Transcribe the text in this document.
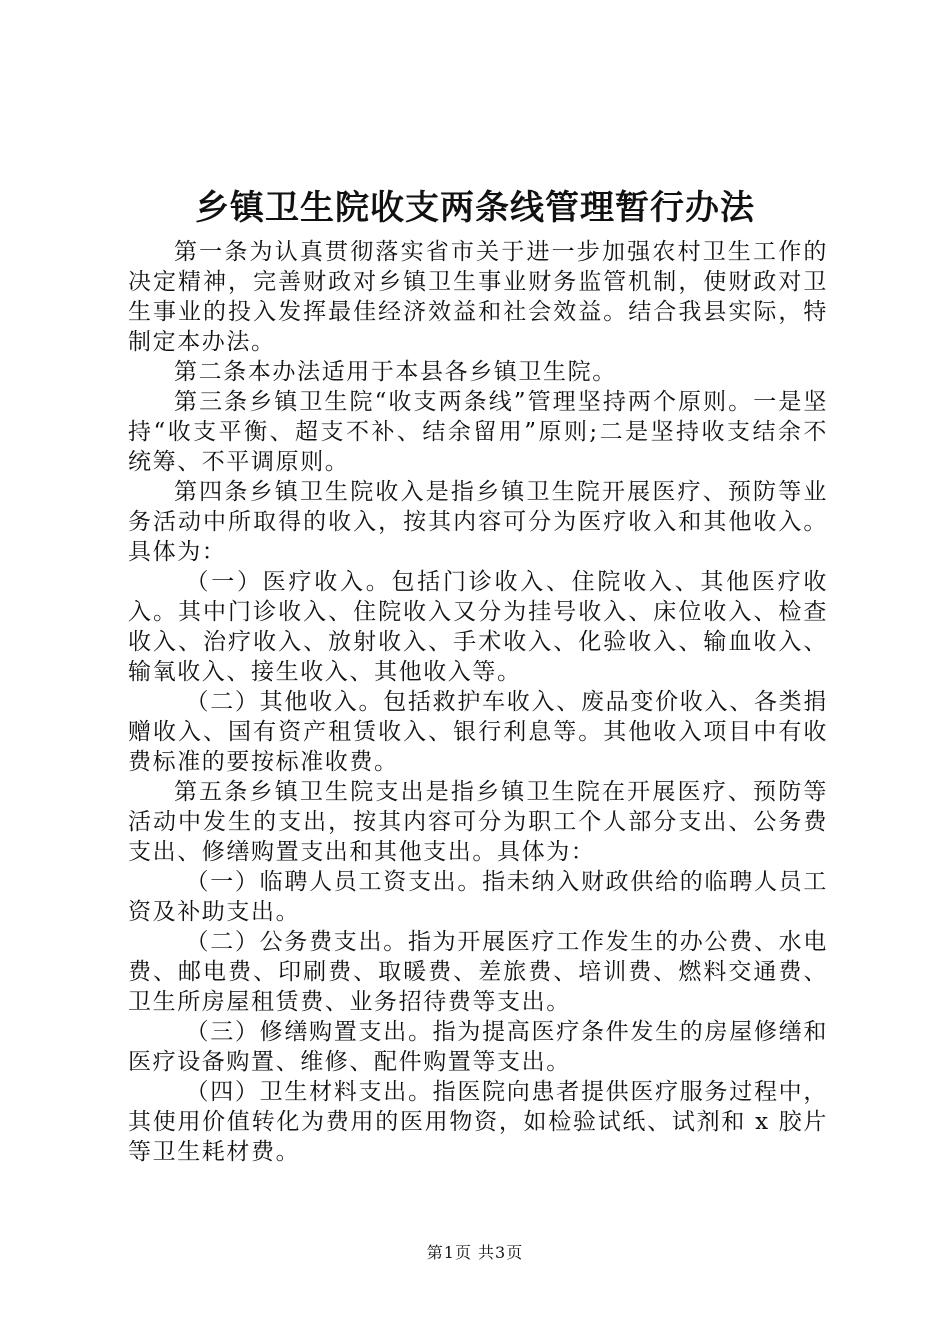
乡镇卫生院收支两条线管理暂行办法

第一条为认真贯彻落实省市关于进一步加强农村卫生工作的决定精神，完善财政对乡镇卫生事业财务监管机制，使财政对卫生事业的投入发挥最佳经济效益和社会效益。结合我县实际，特制定本办法。

第二条本办法适用于本县各乡镇卫生院。

第三条乡镇卫生院“收支两条线”管理坚持两个原则。一是坚持“收支平衡、超支不补、结余留用”原则;二是坚持收支结余不统筹、不平调原则。

第四条乡镇卫生院收入是指乡镇卫生院开展医疗、预防等业务活动中所取得的收入，按其内容可分为医疗收入和其他收入。具体为：

（一）医疗收入。包括门诊收入、住院收入、其他医疗收入。其中门诊收入、住院收入又分为挂号收入、床位收入、检查收入、治疗收入、放射收入、手术收入、化验收入、输血收入、输氧收入、接生收入、其他收入等。

（二）其他收入。包括救护车收入、废品变价收入、各类捐赠收入、国有资产租赁收入、银行利息等。其他收入项目中有收费标准的要按标准收费。

第五条乡镇卫生院支出是指乡镇卫生院在开展医疗、预防等活动中发生的支出，按其内容可分为职工个人部分支出、公务费支出、修缮购置支出和其他支出。具体为：

（一）临聘人员工资支出。指未纳入财政供给的临聘人员工资及补助支出。

（二）公务费支出。指为开展医疗工作发生的办公费、水电费、邮电费、印刷费、取暖费、差旅费、培训费、燃料交通费、卫生所房屋租赁费、业务招待费等支出。

（三）修缮购置支出。指为提高医疗条件发生的房屋修缮和医疗设备购置、维修、配件购置等支出。

（四）卫生材料支出。指医院向患者提供医疗服务过程中，其使用价值转化为费用的医用物资，如检验试纸、试剂和 x 胶片等卫生耗材费。

第1页 共3页
